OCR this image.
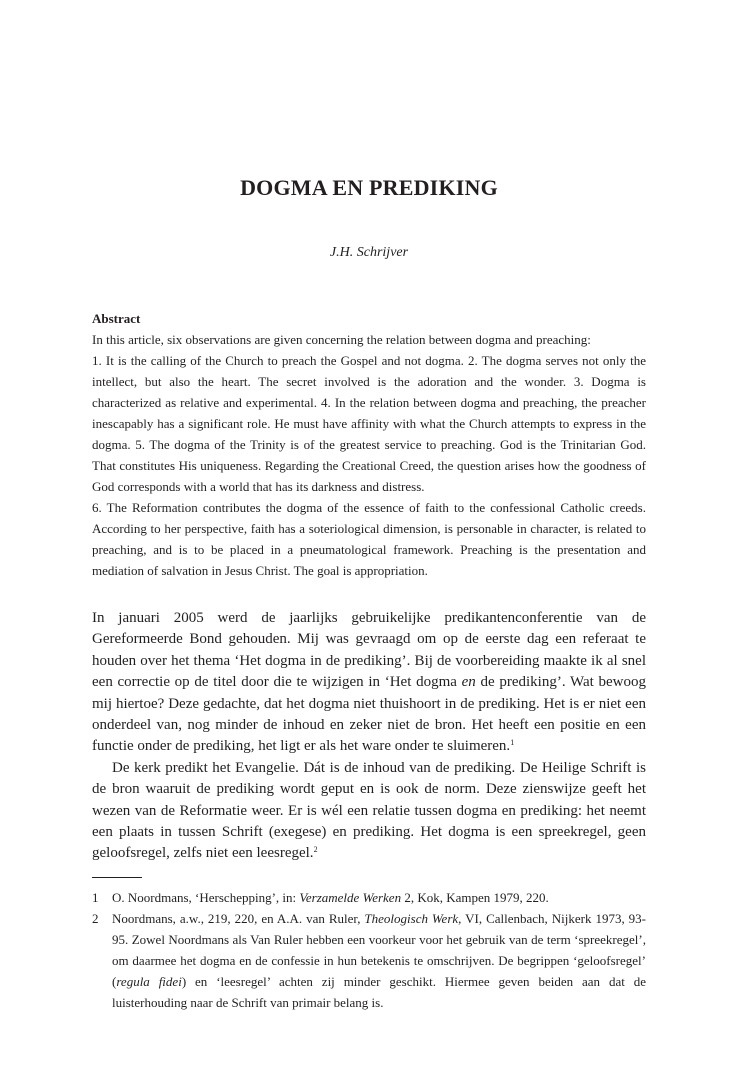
DOGMA EN PREDIKING
J.H. Schrijver

Abstract

In this article, six observations are given concerning the relation between dogma and preaching:

1. It is the calling of the Church to preach the Gospel and not dogma. 2. The dogma serves not only the intellect, but also the heart. The secret involved is the adoration and the wonder. 3. Dogma is characterized as relative and experimental. 4. In the relation between dogma and preaching, the preacher inescapably has a significant role. He must have affinity with what the Church attempts to express in the dogma. 5. The dogma of the Trinity is of the greatest service to preaching. God is the Trinitarian God. That constitutes His uniqueness. Regarding the Creational Creed, the question arises how the goodness of God corresponds with a world that has its darkness and distress.

6. The Reformation contributes the dogma of the essence of faith to the confessional Catholic creeds. According to her perspective, faith has a soteriological dimension, is personable in character, is related to preaching, and is to be placed in a pneumatological framework. Preaching is the presentation and mediation of salvation in Jesus Christ. The goal is appropriation.

In januari 2005 werd de jaarlijks gebruikelijke predikantenconferentie van de Gereformeerde Bond gehouden. Mij was gevraagd om op de eerste dag een referaat te houden over het thema ‘Het dogma in de prediking’. Bij de voorbereiding maakte ik al snel een correctie op de titel door die te wijzigen in ‘Het dogma en de prediking’. Wat bewoog mij hiertoe? Deze gedachte, dat het dogma niet thuishoort in de prediking. Het is er niet een onderdeel van, nog minder de inhoud en zeker niet de bron. Het heeft een positie en een functie onder de prediking, het ligt er als het ware onder te sluimeren.$^1$

De kerk predikt het Evangelie. Dát is de inhoud van de prediking. De Heilige Schrift is de bron waaruit de prediking wordt geput en is ook de norm. Deze zienswijze geeft het wezen van de Reformatie weer. Er is wél een relatie tussen dogma en prediking: het neemt een plaats in tussen Schrift (exegese) en prediking. Het dogma is een spreekregel, geen geloofsregel, zelfs niet een leesregel.$^2$

1 O. Noordmans, ‘Herschepping’, in: Verzamelde Werken 2, Kok, Kampen 1979, 220.
2 Noordmans, a.w., 219, 220, en A.A. van Ruler, Theologisch Werk, VI, Callenbach, Nijkerk 1973, 93-95. Zowel Noordmans als Van Ruler hebben een voorkeur voor het gebruik van de term ‘spreekregel’, om daarmee het dogma en de confessie in hun betekenis te omschrijven. De begrippen ‘geloofsregel’ (regula fidei) en ‘leesregel’ achten zij minder geschikt. Hiermee geven beiden aan dat de luisterhouding naar de Schrift van primair belang is.
